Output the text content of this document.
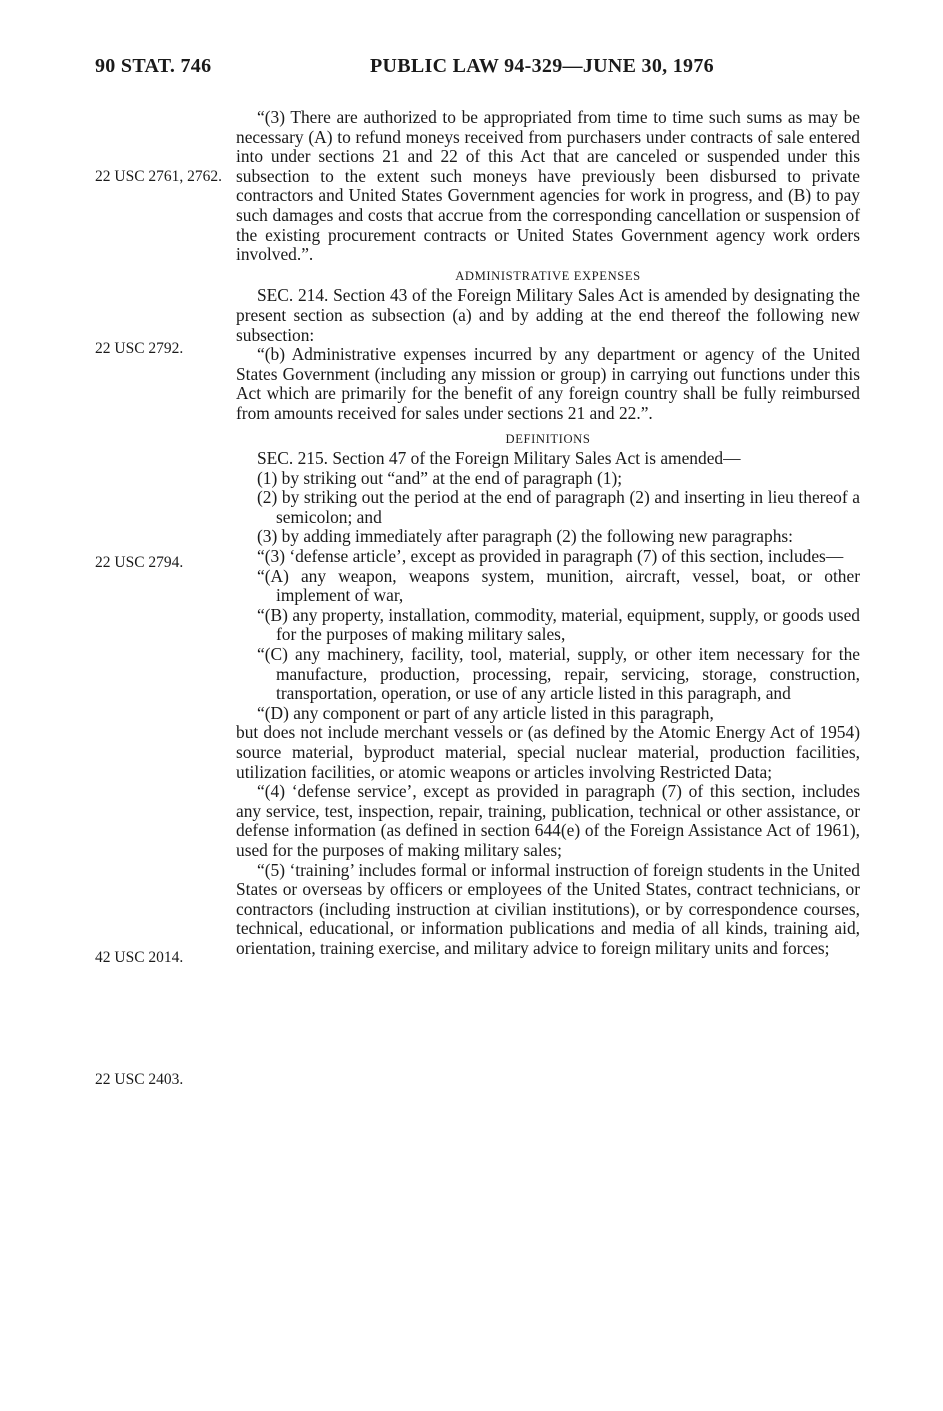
90 STAT. 746	PUBLIC LAW 94-329—JUNE 30, 1976
22 USC 2761, 2762.
22 USC 2792.
22 USC 2794.
42 USC 2014.
22 USC 2403.

“(3) There are authorized to be appropriated from time to time such sums as may be necessary (A) to refund moneys received from purchasers under contracts of sale entered into under sections 21 and 22 of this Act that are canceled or suspended under this subsection to the extent such moneys have previously been disbursed to private contractors and United States Government agencies for work in progress, and (B) to pay such damages and costs that accrue from the corresponding cancellation or suspension of the existing procurement contracts or United States Government agency work orders involved.”.

ADMINISTRATIVE EXPENSES

SEC. 214. Section 43 of the Foreign Military Sales Act is amended by designating the present section as subsection (a) and by adding at the end thereof the following new subsection:

“(b) Administrative expenses incurred by any department or agency of the United States Government (including any mission or group) in carrying out functions under this Act which are primarily for the benefit of any foreign country shall be fully reimbursed from amounts received for sales under sections 21 and 22.”.

DEFINITIONS

SEC. 215. Section 47 of the Foreign Military Sales Act is amended—

(1) by striking out “and” at the end of paragraph (1);

(2) by striking out the period at the end of paragraph (2) and inserting in lieu thereof a semicolon; and

(3) by adding immediately after paragraph (2) the following new paragraphs:

“(3) ‘defense article’, except as provided in paragraph (7) of this section, includes—

“(A) any weapon, weapons system, munition, aircraft, vessel, boat, or other implement of war,

“(B) any property, installation, commodity, material, equipment, supply, or goods used for the purposes of making military sales,

“(C) any machinery, facility, tool, material, supply, or other item necessary for the manufacture, production, processing, repair, servicing, storage, construction, transportation, operation, or use of any article listed in this paragraph, and

“(D) any component or part of any article listed in this paragraph,

but does not include merchant vessels or (as defined by the Atomic Energy Act of 1954) source material, byproduct material, special nuclear material, production facilities, utilization facilities, or atomic weapons or articles involving Restricted Data;

“(4) ‘defense service’, except as provided in paragraph (7) of this section, includes any service, test, inspection, repair, training, publication, technical or other assistance, or defense information (as defined in section 644(e) of the Foreign Assistance Act of 1961), used for the purposes of making military sales;

“(5) ‘training’ includes formal or informal instruction of foreign students in the United States or overseas by officers or employees of the United States, contract technicians, or contractors (including instruction at civilian institutions), or by correspondence courses, technical, educational, or information publications and media of all kinds, training aid, orientation, training exercise, and military advice to foreign military units and forces;
